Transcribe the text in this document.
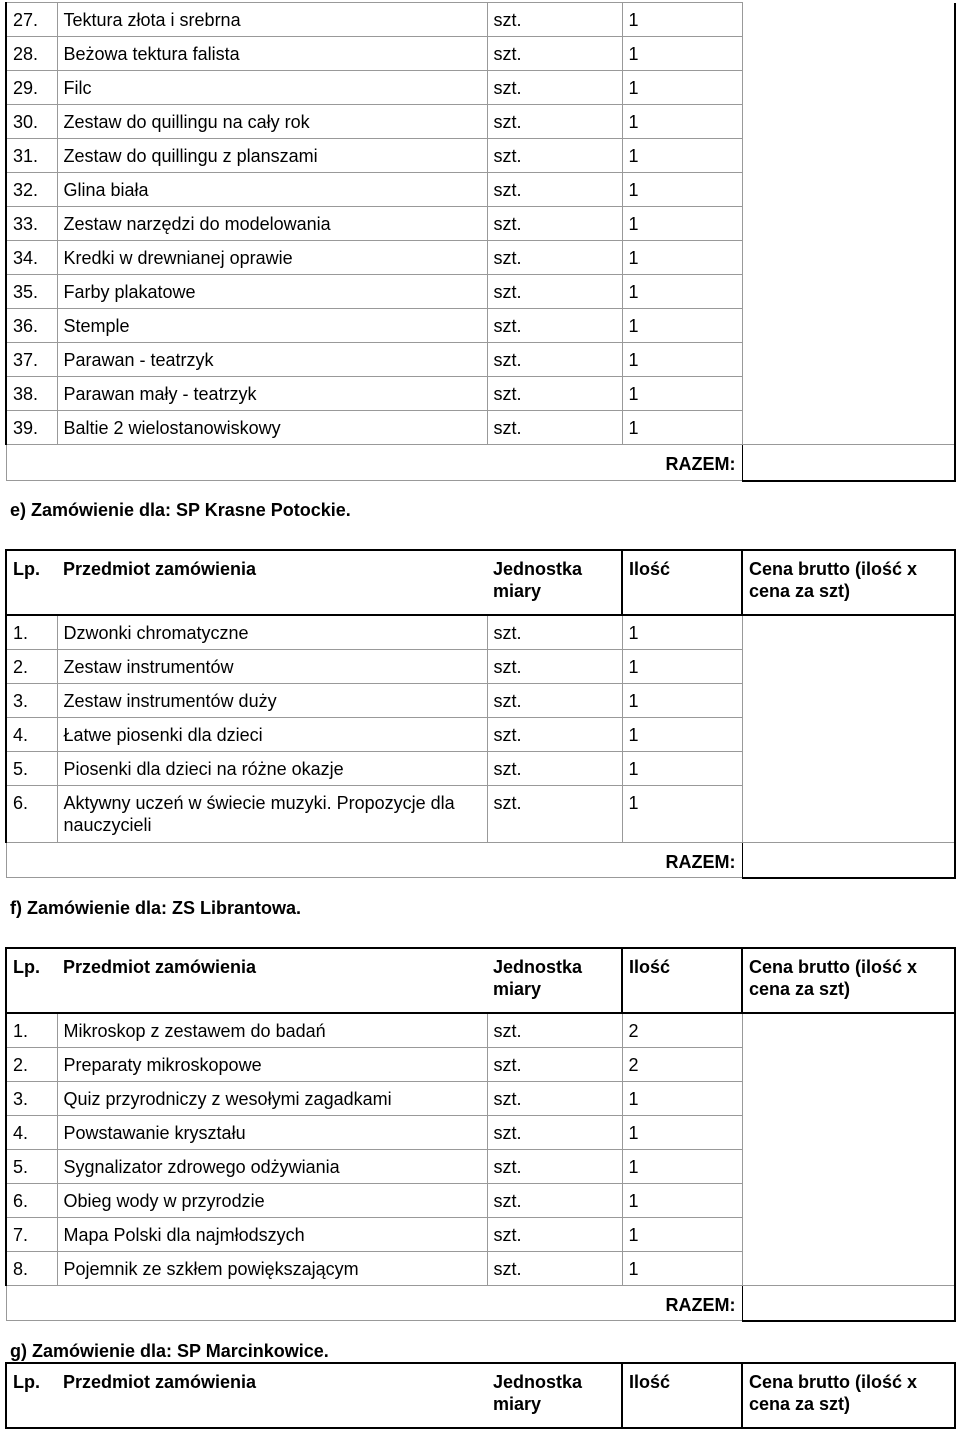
27.	Tektura złota i srebrna	szt.	1	
28.	Beżowa tektura falista	szt.	1	
29.	Filc	szt.	1	
30.	Zestaw do quillingu na cały rok	szt.	1	
31.	Zestaw do quillingu z planszami	szt.	1	
32.	Glina biała	szt.	1	
33.	Zestaw narzędzi do modelowania	szt.	1	
34.	Kredki w drewnianej oprawie	szt.	1	
35.	Farby plakatowe	szt.	1	
36.	Stemple	szt.	1	
37.	Parawan - teatrzyk	szt.	1	
38.	Parawan mały - teatrzyk	szt.	1	
39.	Baltie 2 wielostanowiskowy	szt.	1	
RAZEM:				
e) Zamówienie dla: SP Krasne Potockie.
Lp.	Przedmiot zamówienia	Jednostka miary	Ilość	Cena brutto (ilość x cena za szt)
1.	Dzwonki chromatyczne	szt.	1	
2.	Zestaw instrumentów	szt.	1	
3.	Zestaw instrumentów duży	szt.	1	
4.	Łatwe piosenki dla dzieci	szt.	1	
5.	Piosenki dla dzieci na różne okazje	szt.	1	
6.	Aktywny uczeń w świecie muzyki. Propozycje dla nauczycieli	szt.	1	
RAZEM:				
f) Zamówienie dla: ZS Librantowa.
Lp.	Przedmiot zamówienia	Jednostka miary	Ilość	Cena brutto (ilość x cena za szt)
1.	Mikroskop z zestawem do badań	szt.	2	
2.	Preparaty mikroskopowe	szt.	2	
3.	Quiz przyrodniczy z wesołymi zagadkami	szt.	1	
4.	Powstawanie kryształu	szt.	1	
5.	Sygnalizator zdrowego odżywiania	szt.	1	
6.	Obieg wody w przyrodzie	szt.	1	
7.	Mapa Polski dla najmłodszych	szt.	1	
8.	Pojemnik ze szkłem powiększającym	szt.	1	
RAZEM:				
g) Zamówienie dla: SP Marcinkowice.
Lp.	Przedmiot zamówienia	Jednostka miary	Ilość	Cena brutto (ilość x cena za szt)
